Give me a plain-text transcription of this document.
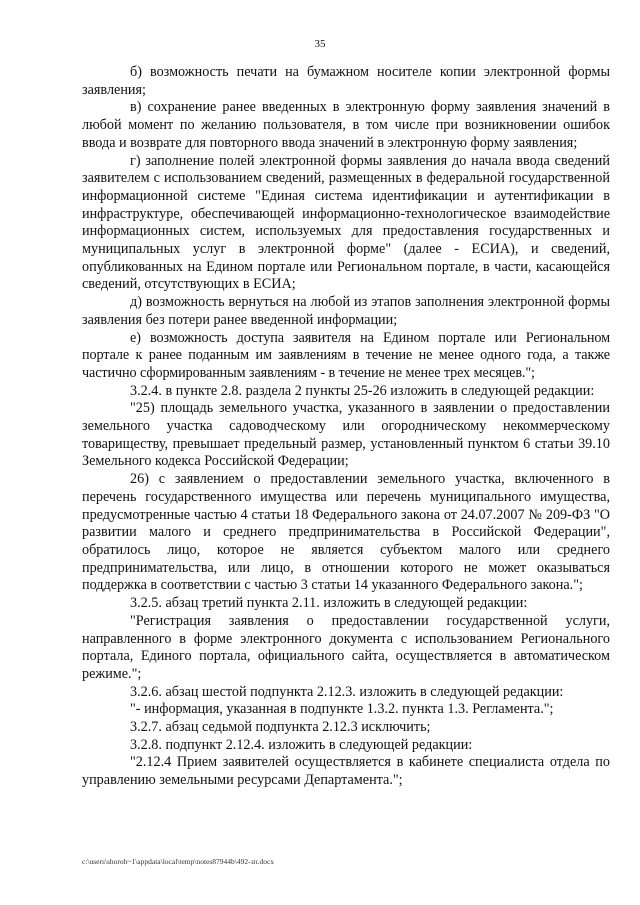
35

б) возможность печати на бумажном носителе копии электронной формы заявления;

в) сохранение ранее введенных в электронную форму заявления значений в любой момент по желанию пользователя, в том числе при возникновении ошибок ввода и возврате для повторного ввода значений в электронную форму заявления;

г) заполнение полей электронной формы заявления до начала ввода сведений заявителем с использованием сведений, размещенных в федеральной государственной информационной системе "Единая система идентификации и аутентификации в инфраструктуре, обеспечивающей информационно-технологическое взаимодействие информационных систем, используемых для предоставления государственных и муниципальных услуг в электронной форме" (далее - ЕСИА), и сведений, опубликованных на Едином портале или Региональном портале, в части, касающейся сведений, отсутствующих в ЕСИА;

д) возможность вернуться на любой из этапов заполнения электронной формы заявления без потери ранее введенной информации;

е) возможность доступа заявителя на Едином портале или Региональном портале к ранее поданным им заявлениям в течение не менее одного года, а также частично сформированным заявлениям - в течение не менее трех месяцев.";

3.2.4. в пункте 2.8. раздела 2 пункты 25-26 изложить в следующей редакции:

"25) площадь земельного участка, указанного в заявлении о предоставлении земельного участка садоводческому или огородническому некоммерческому товариществу, превышает предельный размер, установленный пунктом 6 статьи 39.10 Земельного кодекса Российской Федерации;

26) с заявлением о предоставлении земельного участка, включенного в перечень государственного имущества или перечень муниципального имущества, предусмотренные частью 4 статьи 18 Федерального закона от 24.07.2007 № 209-ФЗ "О развитии малого и среднего предпринимательства в Российской Федерации", обратилось лицо, которое не является субъектом малого или среднего предпринимательства, или лицо, в отношении которого не может оказываться поддержка в соответствии с частью 3 статьи 14 указанного Федерального закона.";

3.2.5. абзац третий пункта 2.11. изложить в следующей редакции:

"Регистрация заявления о предоставлении государственной услуги, направленного в форме электронного документа с использованием Регионального портала, Единого портала, официального сайта, осуществляется в автоматическом режиме.";

3.2.6. абзац шестой подпункта 2.12.3. изложить в следующей редакции:

"- информация, указанная в подпункте 1.3.2. пункта 1.3. Регламента.";

3.2.7. абзац седьмой подпункта 2.12.3 исключить;

3.2.8. подпункт 2.12.4. изложить в следующей редакции:

"2.12.4 Прием заявителей осуществляется в кабинете специалиста отдела по управлению земельными ресурсами Департамента.";

c:\users\shoroh~1\appdata\local\temp\notes87944b\492-зп.docx
